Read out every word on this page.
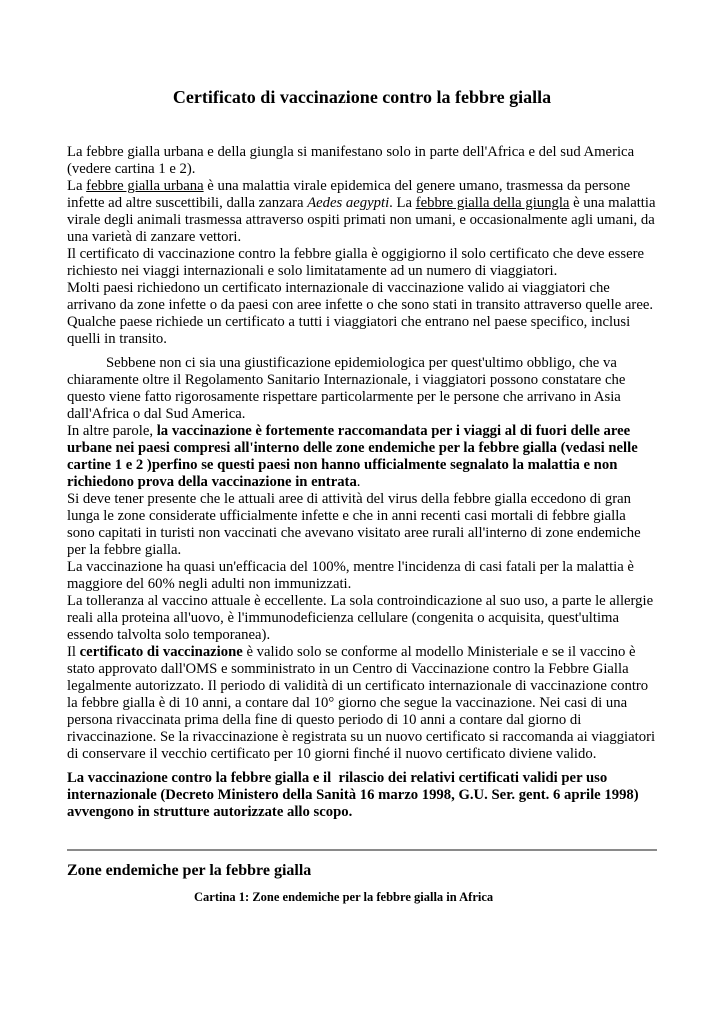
Certificato di vaccinazione contro la febbre gialla

La febbre gialla urbana e della giungla si manifestano solo in parte dell'Africa e del sud America (vedere cartina 1 e 2).

La febbre gialla urbana è una malattia virale epidemica del genere umano, trasmessa da persone infette ad altre suscettibili, dalla zanzara Aedes aegypti. La febbre gialla della giungla è una malattia virale degli animali trasmessa attraverso ospiti primati non umani, e occasionalmente agli umani, da una varietà di zanzare vettori.

Il certificato di vaccinazione contro la febbre gialla è oggigiorno il solo certificato che deve essere richiesto nei viaggi internazionali e solo limitatamente ad un numero di viaggiatori.

Molti paesi richiedono un certificato internazionale di vaccinazione valido ai viaggiatori che arrivano da zone infette o da paesi con aree infette o che sono stati in transito attraverso quelle aree. Qualche paese richiede un certificato a tutti i viaggiatori che entrano nel paese specifico, inclusi quelli in transito.

Sebbene non ci sia una giustificazione epidemiologica per quest'ultimo obbligo, che va chiaramente oltre il Regolamento Sanitario Internazionale, i viaggiatori possono constatare che questo viene fatto rigorosamente rispettare particolarmente per le persone che arrivano in Asia dall'Africa o dal Sud America.

In altre parole, la vaccinazione è fortemente raccomandata per i viaggi al di fuori delle aree urbane nei paesi compresi all'interno delle zone endemiche per la febbre gialla (vedasi nelle cartine 1 e 2 )perfino se questi paesi non hanno ufficialmente segnalato la malattia e non richiedono prova della vaccinazione in entrata.

Si deve tener presente che le attuali aree di attività del virus della febbre gialla eccedono di gran lunga le zone considerate ufficialmente infette e che in anni recenti casi mortali di febbre gialla sono capitati in turisti non vaccinati che avevano visitato aree rurali all'interno di zone endemiche per la febbre gialla.

La vaccinazione ha quasi un'efficacia del 100%, mentre l'incidenza di casi fatali per la malattia è maggiore del 60% negli adulti non immunizzati.

La tolleranza al vaccino attuale è eccellente. La sola controindicazione al suo uso, a parte le allergie reali alla proteina all'uovo, è l'immunodeficienza cellulare (congenita o acquisita, quest'ultima essendo talvolta solo temporanea).

Il certificato di vaccinazione è valido solo se conforme al modello Ministeriale e se il vaccino è stato approvato dall'OMS e somministrato in un Centro di Vaccinazione contro la Febbre Gialla legalmente autorizzato. Il periodo di validità di un certificato internazionale di vaccinazione contro la febbre gialla è di 10 anni, a contare dal 10° giorno che segue la vaccinazione. Nei casi di una persona rivaccinata prima della fine di questo periodo di 10 anni a contare dal giorno di rivaccinazione. Se la rivaccinazione è registrata su un nuovo certificato si raccomanda ai viaggiatori di conservare il vecchio certificato per 10 giorni finché il nuovo certificato diviene valido.

La vaccinazione contro la febbre gialla e il  rilascio dei relativi certificati validi per uso internazionale (Decreto Ministero della Sanità 16 marzo 1998, G.U. Ser. gent. 6 aprile 1998) avvengono in strutture autorizzate allo scopo.

Zone endemiche per la febbre gialla
Cartina 1: Zone endemiche per la febbre gialla in Africa
